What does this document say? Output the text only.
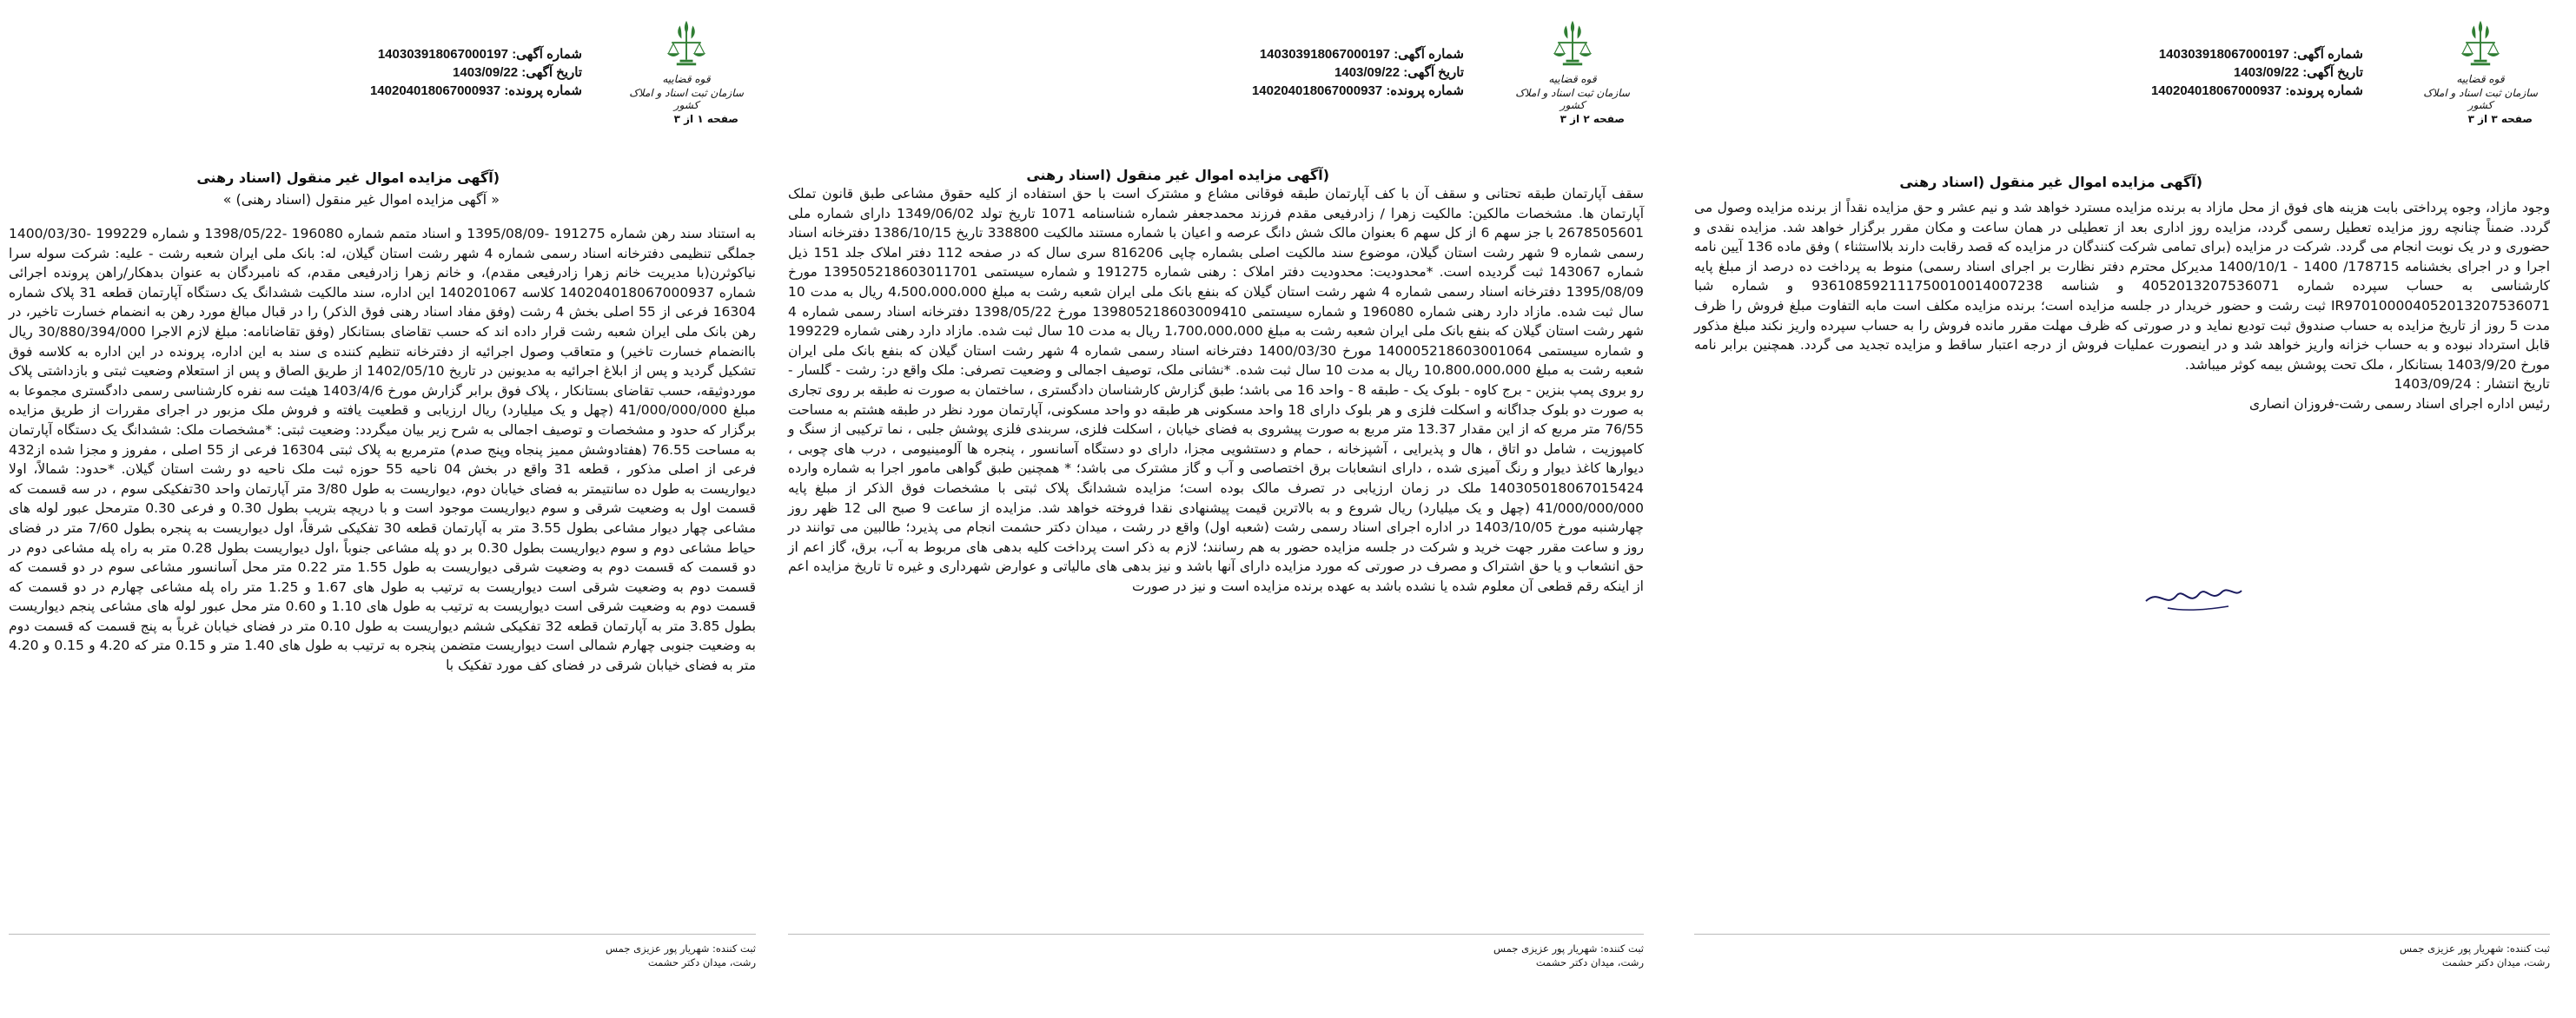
قوه قضاییه
سازمان ثبت اسناد و املاک کشور
شماره آگهی: 140303918067000197
تاریخ آگهی: 1403/09/22
شماره پرونده: 140204018067000937
صفحه ۳ از ۳
(آگهی مزایده اموال غیر منقول (اسناد رهنی

وجود مازاد، وجوه پرداختی بابت هزینه های فوق از محل مازاد به برنده مزایده مسترد خواهد شد و نیم عشر و حق مزایده نقداً از برنده مزایده وصول می گردد. ضمناً چنانچه روز مزایده تعطیل رسمی گردد، مزایده روز اداری بعد از تعطیلی در همان ساعت و مکان مقرر برگزار خواهد شد. مزایده نقدی و حضوری و در یک نوبت انجام می گردد. شرکت در مزایده (برای تمامی شرکت کنندگان در مزایده که قصد رقابت دارند بلااستثناء ) وفق ماده 136 آیین نامه اجرا و در اجرای بخشنامه 178715/ 1400 - 1400/10/1 مدیرکل محترم دفتر نظارت بر اجرای اسناد رسمی) منوط به پرداخت ده درصد از مبلغ پایه کارشناسی به حساب سپرده شماره 4052013207536071 و شناسه 936108592111750010014007238 و شماره شبا IR970100004052013207536071 ثبت رشت و حضور خریدار در جلسه مزایده است؛ برنده مزایده مکلف است مابه التفاوت مبلغ فروش را ظرف مدت 5 روز از تاریخ مزایده به حساب صندوق ثبت تودیع نماید و در صورتی که ظرف مهلت مقرر مانده فروش را به حساب سپرده واریز نکند مبلغ مذکور قابل استرداد نبوده و به حساب خزانه واریز خواهد شد و در اینصورت عملیات فروش از درجه اعتبار ساقط و مزایده تجدید می گردد. همچنین برابر نامه مورخ 1403/9/20 بستانکار ، ملک تحت پوشش بیمه کوثر میباشد.

تاریخ انتشار : 1403/09/24

رئیس اداره اجرای اسناد رسمی رشت-فروزان انصاری

ثبت کننده: شهریار پور عزیزی جمس
رشت، میدان دکتر حشمت
قوه قضاییه
سازمان ثبت اسناد و املاک کشور
شماره آگهی: 140303918067000197
تاریخ آگهی: 1403/09/22
شماره پرونده: 140204018067000937
صفحه ۲ از ۳
(آگهی مزایده اموال غیر منقول (اسناد رهنی

سقف آپارتمان طبقه تحتانی و سقف آن با کف آپارتمان طبقه فوقانی مشاع و مشترک است با حق استفاده از کلیه حقوق مشاعی طبق قانون تملک آپارتمان ها. مشخصات مالکین: مالکیت زهرا / زادرفیعی مقدم فرزند محمدجعفر شماره شناسنامه 1071 تاریخ تولد 1349/06/02 دارای شماره ملی 2678505601 با جز سهم 6 از کل سهم 6 بعنوان مالک شش دانگ عرصه و اعیان با شماره مستند مالکیت 338800 تاریخ 1386/10/15 دفترخانه اسناد رسمی شماره 9 شهر رشت استان گیلان، موضوع سند مالکیت اصلی بشماره چاپی 816206 سری سال که در صفحه 112 دفتر املاک جلد 151 ذیل شماره 143067 ثبت گردیده است. *محدودیت: محدودیت دفتر املاک : رهنی شماره 191275 و شماره سیستمی 139505218603011701 مورخ 1395/08/09 دفترخانه اسناد رسمی شماره 4 شهر رشت استان گیلان که بنفع بانک ملی ایران شعبه رشت به مبلغ 4،500،000،000 ریال به مدت 10 سال ثبت شده. مازاد دارد رهنی شماره 196080 و شماره سیستمی 139805218603009410 مورخ 1398/05/22 دفترخانه اسناد رسمی شماره 4 شهر رشت استان گیلان که بنفع بانک ملی ایران شعبه رشت به مبلغ 1،700،000،000 ریال به مدت 10 سال ثبت شده. مازاد دارد رهنی شماره 199229 و شماره سیستمی 140005218603001064 مورخ 1400/03/30 دفترخانه اسناد رسمی شماره 4 شهر رشت استان گیلان که بنفع بانک ملی ایران شعبه رشت به مبلغ 10،800،000،000 ریال به مدت 10 سال ثبت شده. *نشانی ملک، توصیف اجمالی و وضعیت تصرفی: ملک واقع در: رشت - گلسار - رو بروی پمپ بنزین - برج کاوه - بلوک یک - طبقه 8 - واحد 16 می باشد؛ طبق گزارش کارشناسان دادگستری ، ساختمان به صورت نه طبقه بر روی تجاری به صورت دو بلوک جداگانه و اسکلت فلزی و هر بلوک دارای 18 واحد مسکونی هر طبقه دو واحد مسکونی، آپارتمان مورد نظر در طبقه هشتم به مساحت 76/55 متر مربع که از این مقدار 13.37 متر مربع به صورت پیشروی به فضای خیابان ، اسکلت فلزی، سربندی فلزی پوشش جلبی ، نما ترکیبی از سنگ و کامپوزیت ، شامل دو اتاق ، هال و پذیرایی ، آشپزخانه ، حمام و دستشویی مجزا، دارای دو دستگاه آسانسور ، پنجره ها آلومینیومی ، درب های چوبی ، دیوارها کاغذ دیوار و رنگ آمیزی شده ، دارای انشعابات برق اختصاصی و آب و گاز مشترک می باشد؛ * همچنین طبق گواهی مامور اجرا به شماره وارده 140305018067015424 ملک در زمان ارزیابی در تصرف مالک بوده است؛ مزایده ششدانگ پلاک ثبتی با مشخصات فوق الذکر از مبلغ پایه 41/000/000/000 (چهل و یک میلیارد) ریال شروع و به بالاترین قیمت پیشنهادی نقدا فروخته خواهد شد. مزایده از ساعت 9 صبح الی 12 ظهر روز چهارشنبه مورخ 1403/10/05 در اداره اجرای اسناد رسمی رشت (شعبه اول) واقع در رشت ، میدان دکتر حشمت انجام می پذیرد؛ طالبین می توانند در روز و ساعت مقرر جهت خرید و شرکت در جلسه مزایده حضور به هم رسانند؛ لازم به ذکر است پرداخت کلیه بدهی های مربوط به آب، برق، گاز اعم از حق انشعاب و یا حق اشتراک و مصرف در صورتی که مورد مزایده دارای آنها باشد و نیز بدهی های مالیاتی و عوارض شهرداری و غیره تا تاریخ مزایده اعم از اینکه رقم قطعی آن معلوم شده یا نشده باشد به عهده برنده مزایده است و نیز در صورت

ثبت کننده: شهریار پور عزیزی جمس
رشت، میدان دکتر حشمت
قوه قضاییه
سازمان ثبت اسناد و املاک کشور
شماره آگهی: 140303918067000197
تاریخ آگهی: 1403/09/22
شماره پرونده: 140204018067000937
صفحه ۱ از ۳
(آگهی مزایده اموال غیر منقول (اسناد رهنی
« آگهی مزایده اموال غیر منقول (اسناد رهنی) »

به استناد سند رهن شماره 191275 -1395/08/09 و اسناد متمم شماره 196080 -1398/05/22 و شماره 199229 -1400/03/30 جملگی تنظیمی دفترخانه اسناد رسمی شماره 4 شهر رشت استان گیلان، له: بانک ملی ایران شعبه رشت - علیه: شرکت سوله سرا نیاکوثرن(با مدیریت خانم زهرا زادرفیعی مقدم)، و خانم زهرا زادرفیعی مقدم، که نامبردگان به عنوان بدهکار/راهن پرونده اجرائی شماره 140204018067000937 کلاسه 140201067 این اداره، سند مالکیت ششدانگ یک دستگاه آپارتمان قطعه 31 پلاک شماره 16304 فرعی از 55 اصلی بخش 4 رشت (وفق مفاد اسناد رهنی فوق الذکر) را در قبال مبالغ مورد رهن به انضمام خسارت تاخیر، در رهن بانک ملی ایران شعبه رشت قرار داده اند که حسب تقاضای بستانکار (وفق تقاضانامه: مبلغ لازم الاجرا 30/880/394/000 ریال باانضمام خسارت تاخیر) و متعاقب وصول اجرائیه از دفترخانه تنظیم کننده ی سند به این اداره، پرونده در این اداره به کلاسه فوق تشکیل گردید و پس از ابلاغ اجرائیه به مدیونین در تاریخ 1402/05/10 از طریق الصاق و پس از استعلام وضعیت ثبتی و بازداشتی پلاک موردوثیقه، حسب تقاضای بستانکار ، پلاک فوق برابر گزارش مورخ 1403/4/6 هیئت سه نفره کارشناسی رسمی دادگستری مجموعا به مبلغ 41/000/000/000 (چهل و یک میلیارد) ریال ارزیابی و قطعیت یافته و فروش ملک مزبور در اجرای مقررات از طریق مزایده برگزار که حدود و مشخصات و توصیف اجمالی به شرح زیر بیان میگردد: وضعیت ثبتی: *مشخصات ملک: ششدانگ یک دستگاه آپارتمان به مساحت 76.55 (هفتادوشش ممیز پنجاه وپنج صدم) مترمربع به پلاک ثبتی 16304 فرعی از 55 اصلی ، مفروز و مجزا شده از432 فرعی از اصلی مذکور ، قطعه 31 واقع در بخش 04 ناحیه 55 حوزه ثبت ملک ناحیه دو رشت استان گیلان. *حدود: شمالاً، اولا دیواریست به طول ده سانتیمتر به فضای خیابان دوم، دیواریست به طول 3/80 متر آپارتمان واحد 30تفکیکی سوم ، در سه قسمت که قسمت اول به وضعیت شرقی و سوم دیواریست موجود است و با دریچه بتریب بطول 0.30 و فرعی 0.30 مترمحل عبور لوله های مشاعی چهار دیوار مشاعی بطول 3.55 متر به آپارتمان قطعه 30 تفکیکی شرقاً، اول دیواریست به پنجره بطول 7/60 متر در فضای حیاط مشاعی دوم و سوم دیواریست بطول 0.30 بر دو پله مشاعی جنوباً ،اول دیواریست بطول 0.28 متر به راه پله مشاعی دوم در دو قسمت که قسمت دوم به وضعیت شرقی دیواریست به طول 1.55 متر 0.22 متر محل آسانسور مشاعی سوم در دو قسمت که قسمت دوم به وضعیت شرقی است دیواریست به ترتیب به طول های 1.67 و 1.25 متر راه پله مشاعی چهارم در دو قسمت که قسمت دوم به وضعیت شرقی است دیواریست به ترتیب به طول های 1.10 و 0.60 متر محل عبور لوله های مشاعی پنجم دیواریست بطول 3.85 متر به آپارتمان قطعه 32 تفکیکی ششم دیواریست به طول 0.10 متر در فضای خیابان غرباً به پنج قسمت که قسمت دوم به وضعیت جنوبی چهارم شمالی است دیواریست متضمن پنجره به ترتیب به طول های 1.40 متر و 0.15 متر که 4.20 و 0.15 و 4.20 متر به فضای خیابان شرقی در فضای کف مورد تفکیک با

ثبت کننده: شهریار پور عزیزی جمس
رشت، میدان دکتر حشمت
